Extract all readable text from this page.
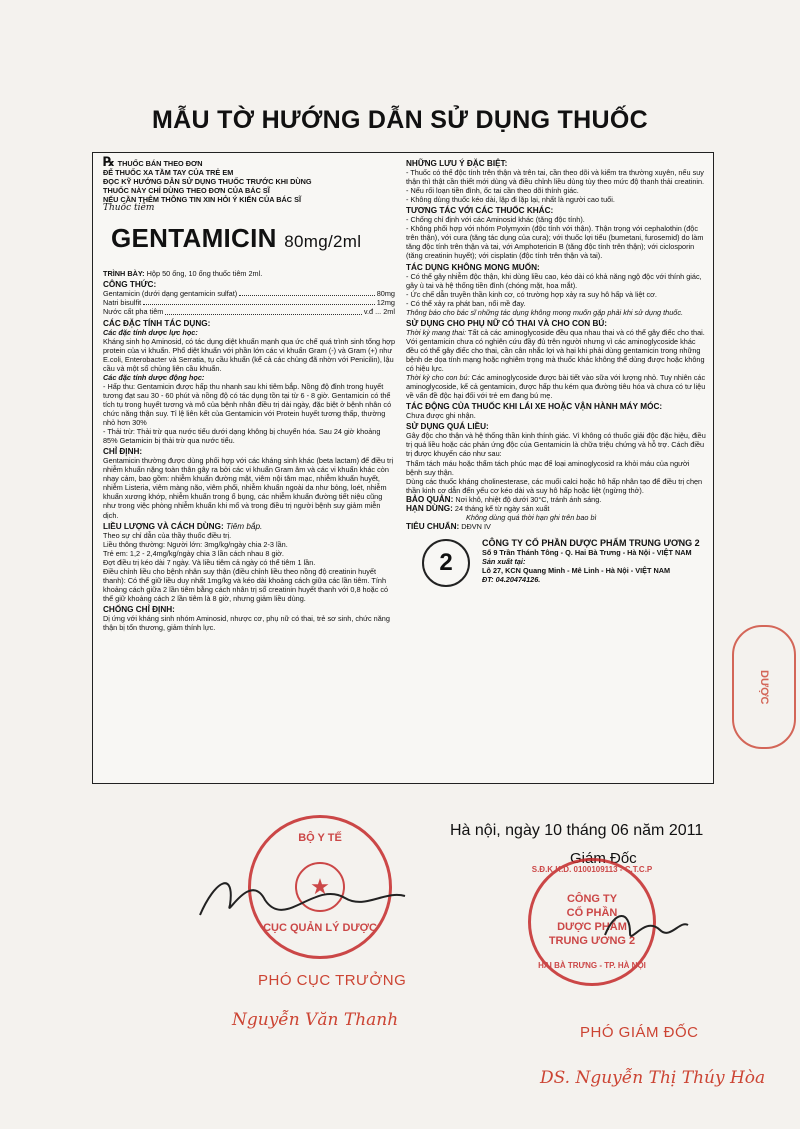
MẪU TỜ HƯỚNG DẪN SỬ DỤNG THUỐC

℞ THUỐC BÁN THEO ĐƠN

ĐỂ THUỐC XA TẦM TAY CỦA TRẺ EM

ĐỌC KỸ HƯỚNG DẪN SỬ DỤNG THUỐC TRƯỚC KHI DÙNG

THUỐC NÀY CHỈ DÙNG THEO ĐƠN CỦA BÁC SĨ

NẾU CẦN THÊM THÔNG TIN XIN HỎI Ý KIẾN CỦA BÁC SĨ

Thuốc tiêm

GENTAMICIN 80mg/2ml

TRÌNH BÀY: Hộp 50 ống, 10 ống thuốc tiêm 2ml.

CÔNG THỨC:

Gentamicin (dưới dạng gentamicin sulfat)	80mg
Natri bisulfit	12mg
Nước cất pha tiêm	v.đ ... 2ml

CÁC ĐẶC TÍNH TÁC DỤNG:

Các đặc tính dược lực học:

Kháng sinh họ Aminosid, có tác dụng diệt khuẩn mạnh qua ức chế quá trình sinh tổng hợp protein của vi khuẩn. Phổ diệt khuẩn với phần lớn các vi khuẩn Gram (-) và Gram (+) như E.coli, Enterobacter và Serratia, tụ cầu khuẩn (kể cả các chủng đã nhờn với Penicilin), lậu cầu và một số chủng liên cầu khuẩn.

Các đặc tính dược động học:

- Hấp thu: Gentamicin được hấp thu nhanh sau khi tiêm bắp. Nồng độ đỉnh trong huyết tương đạt sau 30 - 60 phút và nồng độ có tác dụng tồn tại từ 6 - 8 giờ. Gentamicin có thể tích tụ trong huyết tương và mô của bệnh nhân điều trị dài ngày, đặc biệt ở bệnh nhân có chức năng thận suy. Tỉ lệ liên kết của Gentamicin với Protein huyết tương thấp, thường nhỏ hơn 30%

- Thải trừ: Thải trừ qua nước tiểu dưới dạng không bị chuyển hóa. Sau 24 giờ khoảng 85% Getamicin bị thải trừ qua nước tiểu.

CHỈ ĐỊNH:

Gentamicin thường được dùng phối hợp với các kháng sinh khác (beta lactam) để điều trị nhiễm khuẩn nặng toàn thân gây ra bởi các vi khuẩn Gram âm và các vi khuẩn khác còn nhạy cảm, bao gồm: nhiễm khuẩn đường mật, viêm nội tâm mạc, nhiễm khuẩn huyết, nhiễm Listeria, viêm màng não, viêm phổi, nhiễm khuẩn ngoài da như bỏng, loét, nhiễm khuẩn xương khớp, nhiễm khuẩn trong ổ bụng, các nhiễm khuẩn đường tiết niệu cũng như trong việc phòng nhiễm khuẩn khi mổ và trong điều trị người bệnh suy giảm miễn dịch.

LIỀU LƯỢNG VÀ CÁCH DÙNG: Tiêm bắp.

Theo sự chỉ dẫn của thầy thuốc điều trị.

Liều thông thường: Người lớn: 3mg/kg/ngày chia 2-3 lần.

Trẻ em: 1,2 - 2,4mg/kg/ngày chia 3 lần cách nhau 8 giờ.

Đợt điều trị kéo dài 7 ngày. Và liều tiêm cả ngày có thể tiêm 1 lần.

Điều chỉnh liều cho bệnh nhân suy thận (điều chỉnh liều theo nồng độ creatinin huyết thanh): Có thể giữ liều duy nhất 1mg/kg và kéo dài khoảng cách giữa các lần tiêm. Tính khoảng cách giữa 2 lần tiêm bằng cách nhân trị số creatinin huyết thanh với 0,8 hoặc có thể giữ khoảng cách 2 lần tiêm là 8 giờ, nhưng giảm liều dùng.

CHỐNG CHỈ ĐỊNH:

Dị ứng với kháng sinh nhóm Aminosid, nhược cơ, phụ nữ có thai, trẻ sơ sinh, chức năng thận bị tổn thương, giảm thính lực.

NHỮNG LƯU Ý ĐẶC BIỆT:

- Thuốc có thể độc tính trên thận và trên tai, cần theo dõi và kiểm tra thường xuyên, nếu suy thận thì thật cần thiết mới dùng và điều chỉnh liều dùng tùy theo mức độ thanh thải creatinin.

- Nếu rối loạn tiền đình, ốc tai cần theo dõi thính giác.

- Không dùng thuốc kéo dài, lặp đi lặp lại, nhất là người cao tuổi.

TƯƠNG TÁC VỚI CÁC THUỐC KHÁC:

- Chống chỉ định với các Aminosid khác (tăng độc tính).

- Không phối hợp với nhóm Polymyxin (độc tính với thận). Thận trọng với cephalothin (độc trên thận), với cura (tăng tác dụng của cura); với thuốc lợi tiểu (bumetani, furosemid) do làm tăng độc tính trên thận và tai, với Amphotericin B (tăng độc tính trên thận); với ciclosporin (tăng creatinin huyết); với cisplatin (độc tính trên thận và tai).

TÁC DỤNG KHÔNG MONG MUỐN:

- Có thể gây nhiễm độc thận, khi dùng liều cao, kéo dài có khả năng ngộ độc với thính giác, gây ù tai và hệ thống tiền đình (chóng mặt, hoa mắt).

- Ức chế dẫn truyền thần kinh cơ, có trường hợp xảy ra suy hô hấp và liệt cơ.

- Có thể xảy ra phát ban, nổi mề đay.

Thông báo cho bác sĩ những tác dụng không mong muốn gặp phải khi sử dụng thuốc.

SỬ DỤNG CHO PHỤ NỮ CÓ THAI VÀ CHO CON BÚ:

Thời kỳ mang thai: Tất cả các aminoglycoside đều qua nhau thai và có thể gây điếc cho thai. Với gentamicin chưa có nghiên cứu đầy đủ trên người nhưng vì các aminoglycoside khác đều có thể gây điếc cho thai, cần cân nhắc lợi và hại khi phải dùng gentamicin trong những bệnh de dọa tính mạng hoặc nghiêm trọng mà thuốc khác không thể dùng được hoặc không có hiệu lực.

Thời kỳ cho con bú: Các aminoglycoside được bài tiết vào sữa với lượng nhỏ. Tuy nhiên các aminoglycoside, kể cả gentamicin, được hấp thu kém qua đường tiêu hóa và chưa có tư liệu về vấn đề độc hại đối với trẻ em đang bú mẹ.

TÁC ĐỘNG CỦA THUỐC KHI LÁI XE HOẶC VẬN HÀNH MÁY MÓC:

Chưa được ghi nhận.

SỬ DỤNG QUÁ LIỀU:

Gây độc cho thận và hệ thống thần kinh thính giác. Vì không có thuốc giải độc đặc hiệu, điều trị quá liều hoặc các phản ứng độc của Gentamicin là chữa triệu chứng và hỗ trợ. Cách điều trị được khuyến cáo như sau:

Thẩm tách máu hoặc thẩm tách phúc mạc để loại aminoglycosid ra khỏi máu của người bệnh suy thận.

Dùng các thuốc kháng cholinesterase, các muối calci hoặc hô hấp nhân tạo để điều trị chẹn thần kinh cơ dẫn đến yếu cơ kéo dài và suy hô hấp hoặc liệt (ngừng thở).

BẢO QUẢN: Nơi khô, nhiệt độ dưới 30°C, tránh ánh sáng.

HẠN DÙNG: 24 tháng kể từ ngày sản xuất

Không dùng quá thời hạn ghi trên bao bì

TIÊU CHUẨN: DĐVN IV

2

CÔNG TY CỔ PHẦN DƯỢC PHẨM TRUNG ƯƠNG 2

Số 9 Trần Thánh Tông - Q. Hai Bà Trưng - Hà Nội - VIỆT NAM

Sản xuất tại:

Lô 27, KCN Quang Minh - Mê Linh - Hà Nội - VIỆT NAM

ĐT: 04.20474126.

DƯỢC
Hà nội, ngày 10 tháng 06 năm 2011
Giám Đốc
BỘ Y TẾ
★
CỤC QUẢN LÝ DƯỢC
S.Đ.K.K.D. 0100109113 - C.T.C.P
CÔNG TY
CỔ PHẦN
DƯỢC PHẨM
TRUNG ƯƠNG 2
HAI BÀ TRƯNG - TP. HÀ NỘI
PHÓ CỤC TRƯỞNG
Nguyễn Văn Thanh
PHÓ GIÁM ĐỐC
DS. Nguyễn Thị Thúy Hòa
